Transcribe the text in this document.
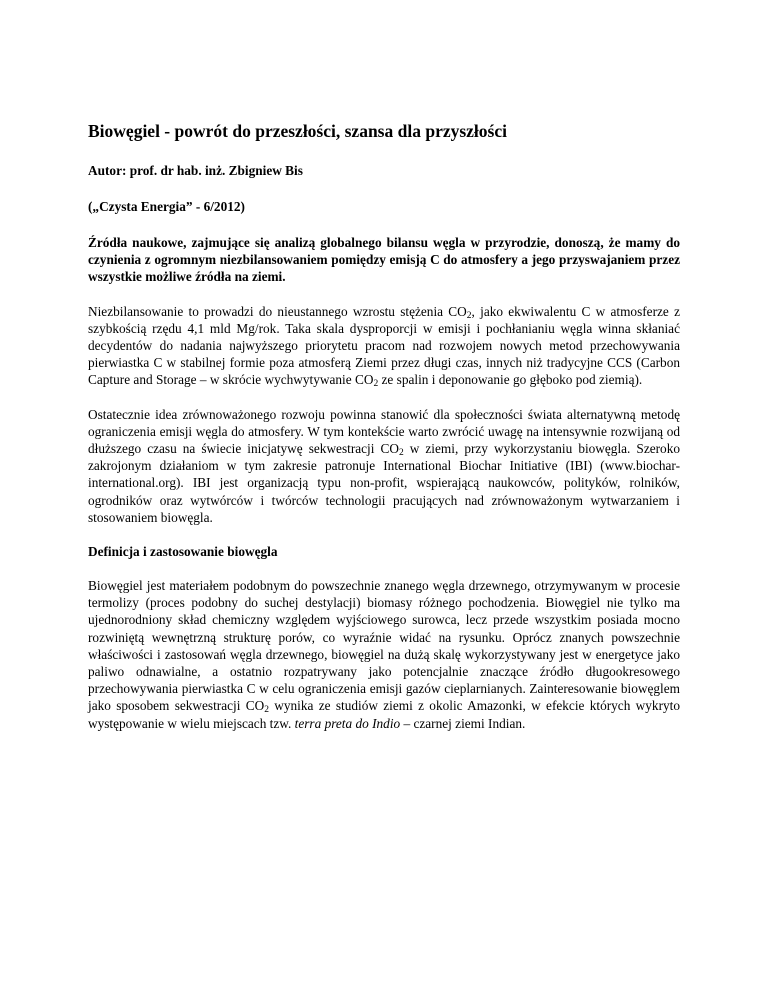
Biowęgiel - powrót do przeszłości, szansa dla przyszłości
Autor: prof. dr hab. inż. Zbigniew Bis
(„Czysta Energia” - 6/2012)
Źródła naukowe, zajmujące się analizą globalnego bilansu węgla w przyrodzie, donoszą, że mamy do czynienia z ogromnym niezbilansowaniem pomiędzy emisją C do atmosfery a jego przyswajaniem przez wszystkie możliwe źródła na ziemi.
Niezbilansowanie to prowadzi do nieustannego wzrostu stężenia $CO_2$, jako ekwiwalentu C w atmosferze z szybkością rzędu 4,1 mld Mg/rok. Taka skala dysproporcji w emisji i pochłanianiu węgla winna skłaniać decydentów do nadania najwyższego priorytetu pracom nad rozwojem nowych metod przechowywania pierwiastka C w stabilnej formie poza atmosferą Ziemi przez długi czas, innych niż tradycyjne CCS (Carbon Capture and Storage – w skrócie wychwytywanie $CO_2$ ze spalin i deponowanie go głęboko pod ziemią).
Ostatecznie idea zrównoważonego rozwoju powinna stanowić dla społeczności świata alternatywną metodę ograniczenia emisji węgla do atmosfery. W tym kontekście warto zwrócić uwagę na intensywnie rozwijaną od dłuższego czasu na świecie inicjatywę sekwestracji $CO_2$ w ziemi, przy wykorzystaniu biowęgla. Szeroko zakrojonym działaniom w tym zakresie patronuje International Biochar Initiative (IBI) (www.biochar-international.org). IBI jest organizacją typu non-profit, wspierającą naukowców, polityków, rolników, ogrodników oraz wytwórców i twórców technologii pracujących nad zrównoważonym wytwarzaniem i stosowaniem biowęgla.
Definicja i zastosowanie biowęgla
Biowęgiel jest materiałem podobnym do powszechnie znanego węgla drzewnego, otrzymywanym w procesie termolizy (proces podobny do suchej destylacji) biomasy różnego pochodzenia. Biowęgiel nie tylko ma ujednorodniony skład chemiczny względem wyjściowego surowca, lecz przede wszystkim posiada mocno rozwiniętą wewnętrzną strukturę porów, co wyraźnie widać na rysunku. Oprócz znanych powszechnie właściwości i zastosowań węgla drzewnego, biowęgiel na dużą skalę wykorzystywany jest w energetyce jako paliwo odnawialne, a ostatnio rozpatrywany jako potencjalnie znaczące źródło długookresowego przechowywania pierwiastka C w celu ograniczenia emisji gazów cieplarnianych. Zainteresowanie biowęglem jako sposobem sekwestracji $CO_2$ wynika ze studiów ziemi z okolic Amazonki, w efekcie których wykryto występowanie w wielu miejscach tzw. terra preta do Indio – czarnej ziemi Indian.
